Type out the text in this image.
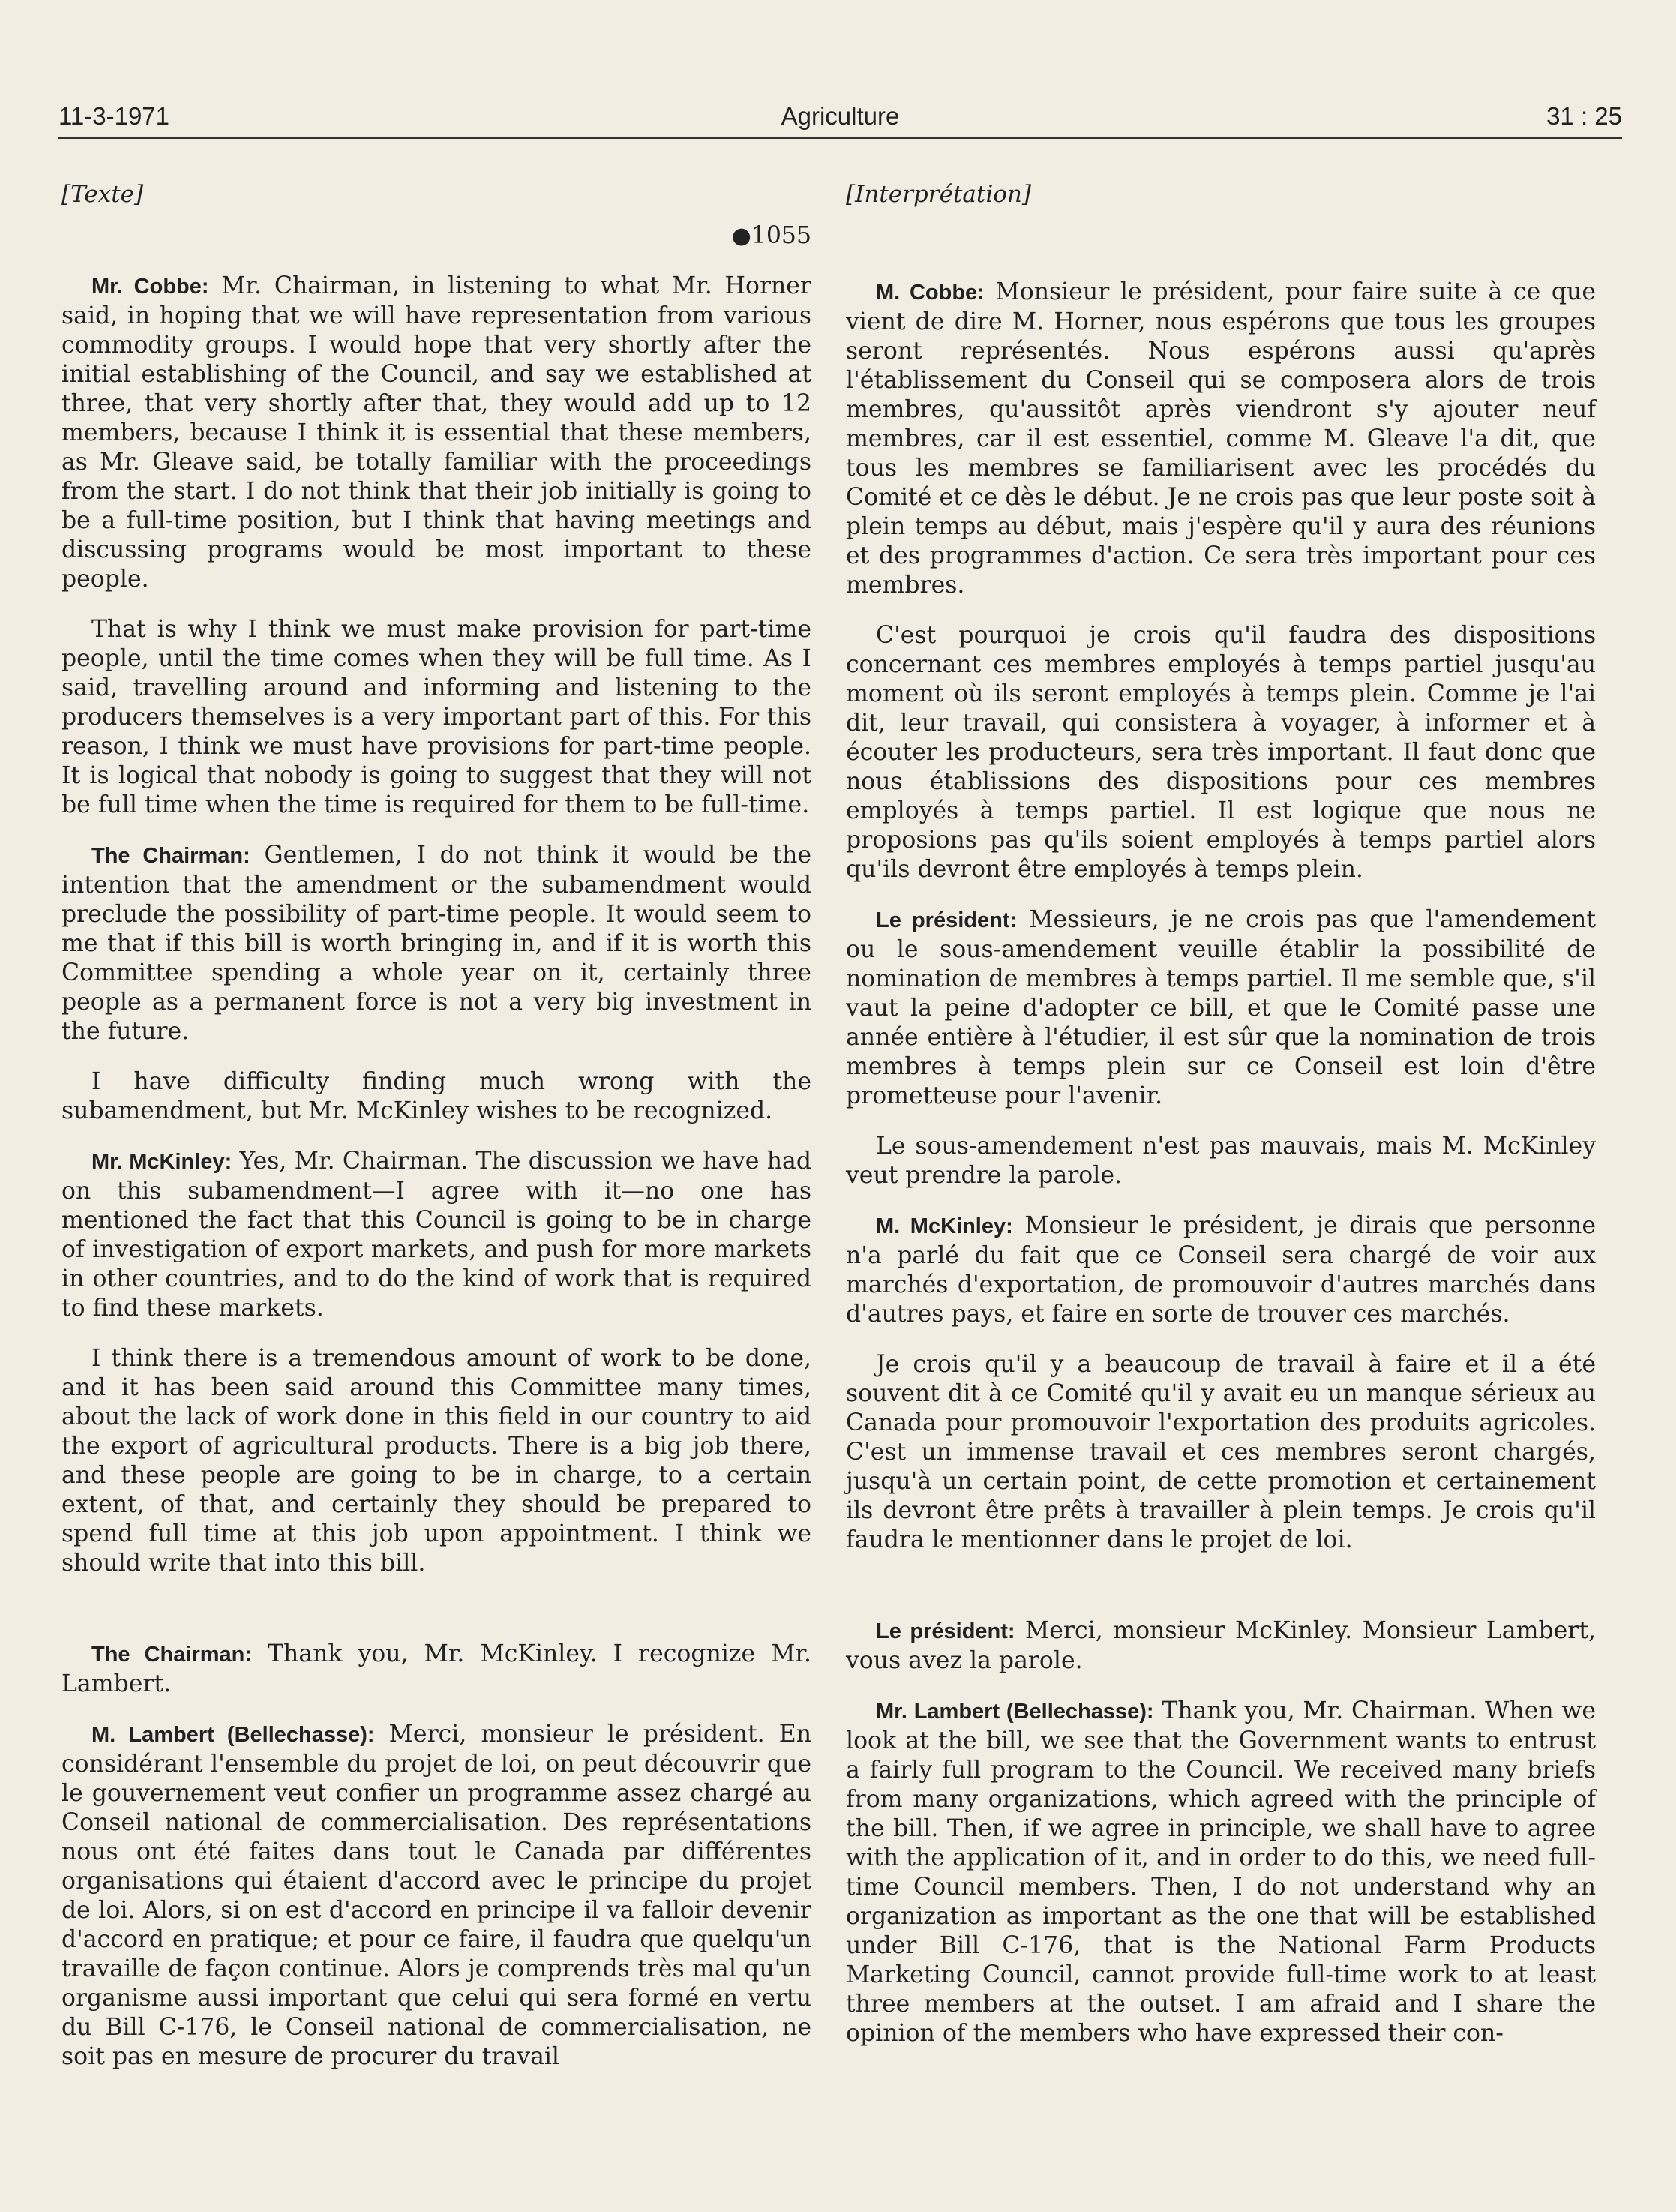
11-3-1971	Agriculture	31 : 25
[Texte]
●1055

Mr. Cobbe: Mr. Chairman, in listening to what Mr. Horner said, in hoping that we will have representation from various commodity groups. I would hope that very shortly after the initial establishing of the Council, and say we established at three, that very shortly after that, they would add up to 12 members, because I think it is essential that these members, as Mr. Gleave said, be totally familiar with the proceedings from the start. I do not think that their job initially is going to be a full-time position, but I think that having meetings and discussing programs would be most important to these people.

That is why I think we must make provision for part-time people, until the time comes when they will be full time. As I said, travelling around and informing and listening to the producers themselves is a very important part of this. For this reason, I think we must have provisions for part-time people. It is logical that nobody is going to suggest that they will not be full time when the time is required for them to be full-time.

The Chairman: Gentlemen, I do not think it would be the intention that the amendment or the subamendment would preclude the possibility of part-time people. It would seem to me that if this bill is worth bringing in, and if it is worth this Committee spending a whole year on it, certainly three people as a permanent force is not a very big investment in the future.

I have difficulty finding much wrong with the subamendment, but Mr. McKinley wishes to be recognized.

Mr. McKinley: Yes, Mr. Chairman. The discussion we have had on this subamendment—I agree with it—no one has mentioned the fact that this Council is going to be in charge of investigation of export markets, and push for more markets in other countries, and to do the kind of work that is required to find these markets.

I think there is a tremendous amount of work to be done, and it has been said around this Committee many times, about the lack of work done in this field in our country to aid the export of agricultural products. There is a big job there, and these people are going to be in charge, to a certain extent, of that, and certainly they should be prepared to spend full time at this job upon appointment. I think we should write that into this bill.

The Chairman: Thank you, Mr. McKinley. I recognize Mr. Lambert.

M. Lambert (Bellechasse): Merci, monsieur le président. En considérant l'ensemble du projet de loi, on peut découvrir que le gouvernement veut confier un programme assez chargé au Conseil national de commercialisation. Des représentations nous ont été faites dans tout le Canada par différentes organisations qui étaient d'accord avec le principe du projet de loi. Alors, si on est d'accord en principe il va falloir devenir d'accord en pratique; et pour ce faire, il faudra que quelqu'un travaille de façon continue. Alors je comprends très mal qu'un organisme aussi important que celui qui sera formé en vertu du Bill C-176, le Conseil national de commercialisation, ne soit pas en mesure de procurer du travail

[Interprétation]

M. Cobbe: Monsieur le président, pour faire suite à ce que vient de dire M. Horner, nous espérons que tous les groupes seront représentés. Nous espérons aussi qu'après l'établissement du Conseil qui se composera alors de trois membres, qu'aussitôt après viendront s'y ajouter neuf membres, car il est essentiel, comme M. Gleave l'a dit, que tous les membres se familiarisent avec les procédés du Comité et ce dès le début. Je ne crois pas que leur poste soit à plein temps au début, mais j'espère qu'il y aura des réunions et des programmes d'action. Ce sera très important pour ces membres.

C'est pourquoi je crois qu'il faudra des dispositions concernant ces membres employés à temps partiel jusqu'au moment où ils seront employés à temps plein. Comme je l'ai dit, leur travail, qui consistera à voyager, à informer et à écouter les producteurs, sera très important. Il faut donc que nous établissions des dispositions pour ces membres employés à temps partiel. Il est logique que nous ne proposions pas qu'ils soient employés à temps partiel alors qu'ils devront être employés à temps plein.

Le président: Messieurs, je ne crois pas que l'amendement ou le sous-amendement veuille établir la possibilité de nomination de membres à temps partiel. Il me semble que, s'il vaut la peine d'adopter ce bill, et que le Comité passe une année entière à l'étudier, il est sûr que la nomination de trois membres à temps plein sur ce Conseil est loin d'être prometteuse pour l'avenir.

Le sous-amendement n'est pas mauvais, mais M. McKinley veut prendre la parole.

M. McKinley: Monsieur le président, je dirais que personne n'a parlé du fait que ce Conseil sera chargé de voir aux marchés d'exportation, de promouvoir d'autres marchés dans d'autres pays, et faire en sorte de trouver ces marchés.

Je crois qu'il y a beaucoup de travail à faire et il a été souvent dit à ce Comité qu'il y avait eu un manque sérieux au Canada pour promouvoir l'exportation des produits agricoles. C'est un immense travail et ces membres seront chargés, jusqu'à un certain point, de cette promotion et certainement ils devront être prêts à travailler à plein temps. Je crois qu'il faudra le mentionner dans le projet de loi.

Le président: Merci, monsieur McKinley. Monsieur Lambert, vous avez la parole.

Mr. Lambert (Bellechasse): Thank you, Mr. Chairman. When we look at the bill, we see that the Government wants to entrust a fairly full program to the Council. We received many briefs from many organizations, which agreed with the principle of the bill. Then, if we agree in principle, we shall have to agree with the application of it, and in order to do this, we need full-time Council members. Then, I do not understand why an organization as important as the one that will be established under Bill C-176, that is the National Farm Products Marketing Council, cannot provide full-time work to at least three members at the outset. I am afraid and I share the opinion of the members who have expressed their con-
